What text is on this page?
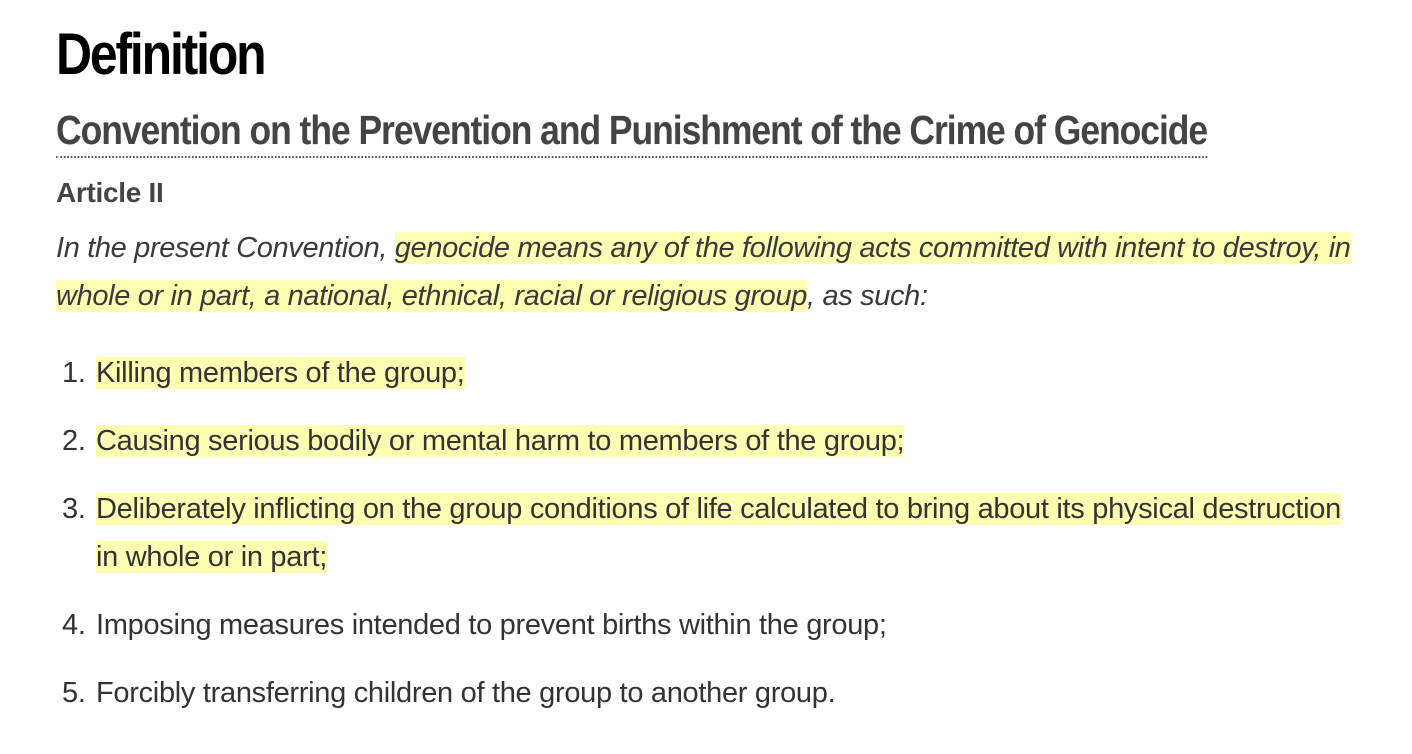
Definition
Convention on the Prevention and Punishment of the Crime of Genocide
Article II

In the present Convention, genocide means any of the following acts committed with intent to destroy, in whole or in part, a national, ethnical, racial or religious group, as such:

1. Killing members of the group;
2. Causing serious bodily or mental harm to members of the group;
3. Deliberately inflicting on the group conditions of life calculated to bring about its physical destruction in whole or in part;
4. Imposing measures intended to prevent births within the group;
5. Forcibly transferring children of the group to another group.
